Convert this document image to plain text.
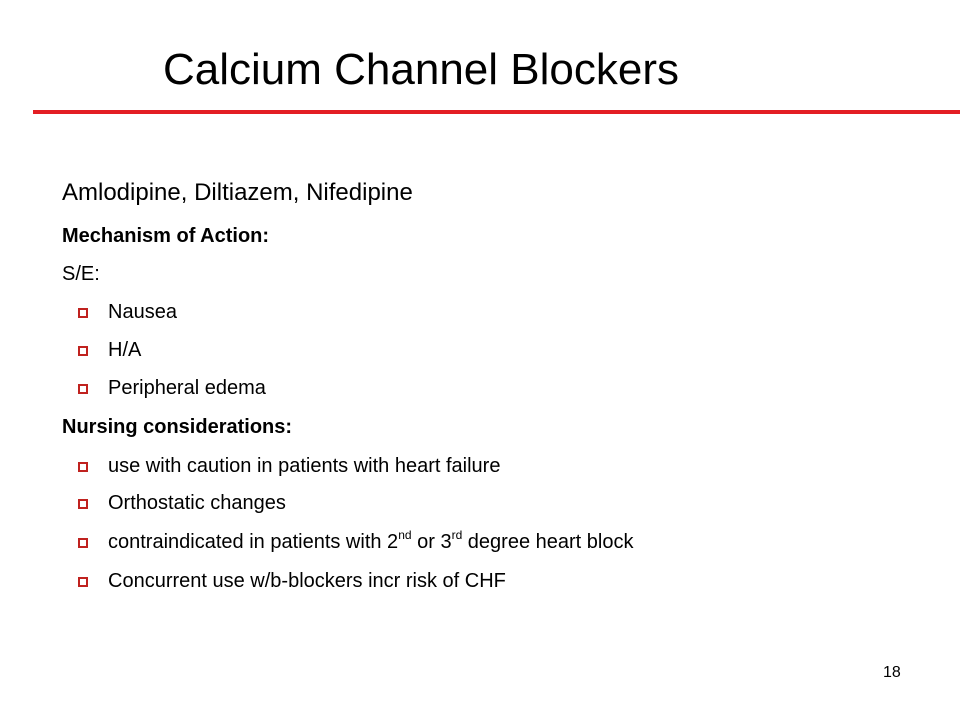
Calcium Channel Blockers
Amlodipine, Diltiazem, Nifedipine
Mechanism of Action:
S/E:
Nausea
H/A
Peripheral edema
Nursing considerations:
use with caution in patients with heart failure
Orthostatic changes
contraindicated in patients with 2nd or 3rd degree heart block
Concurrent use w/b-blockers incr risk of CHF
18
